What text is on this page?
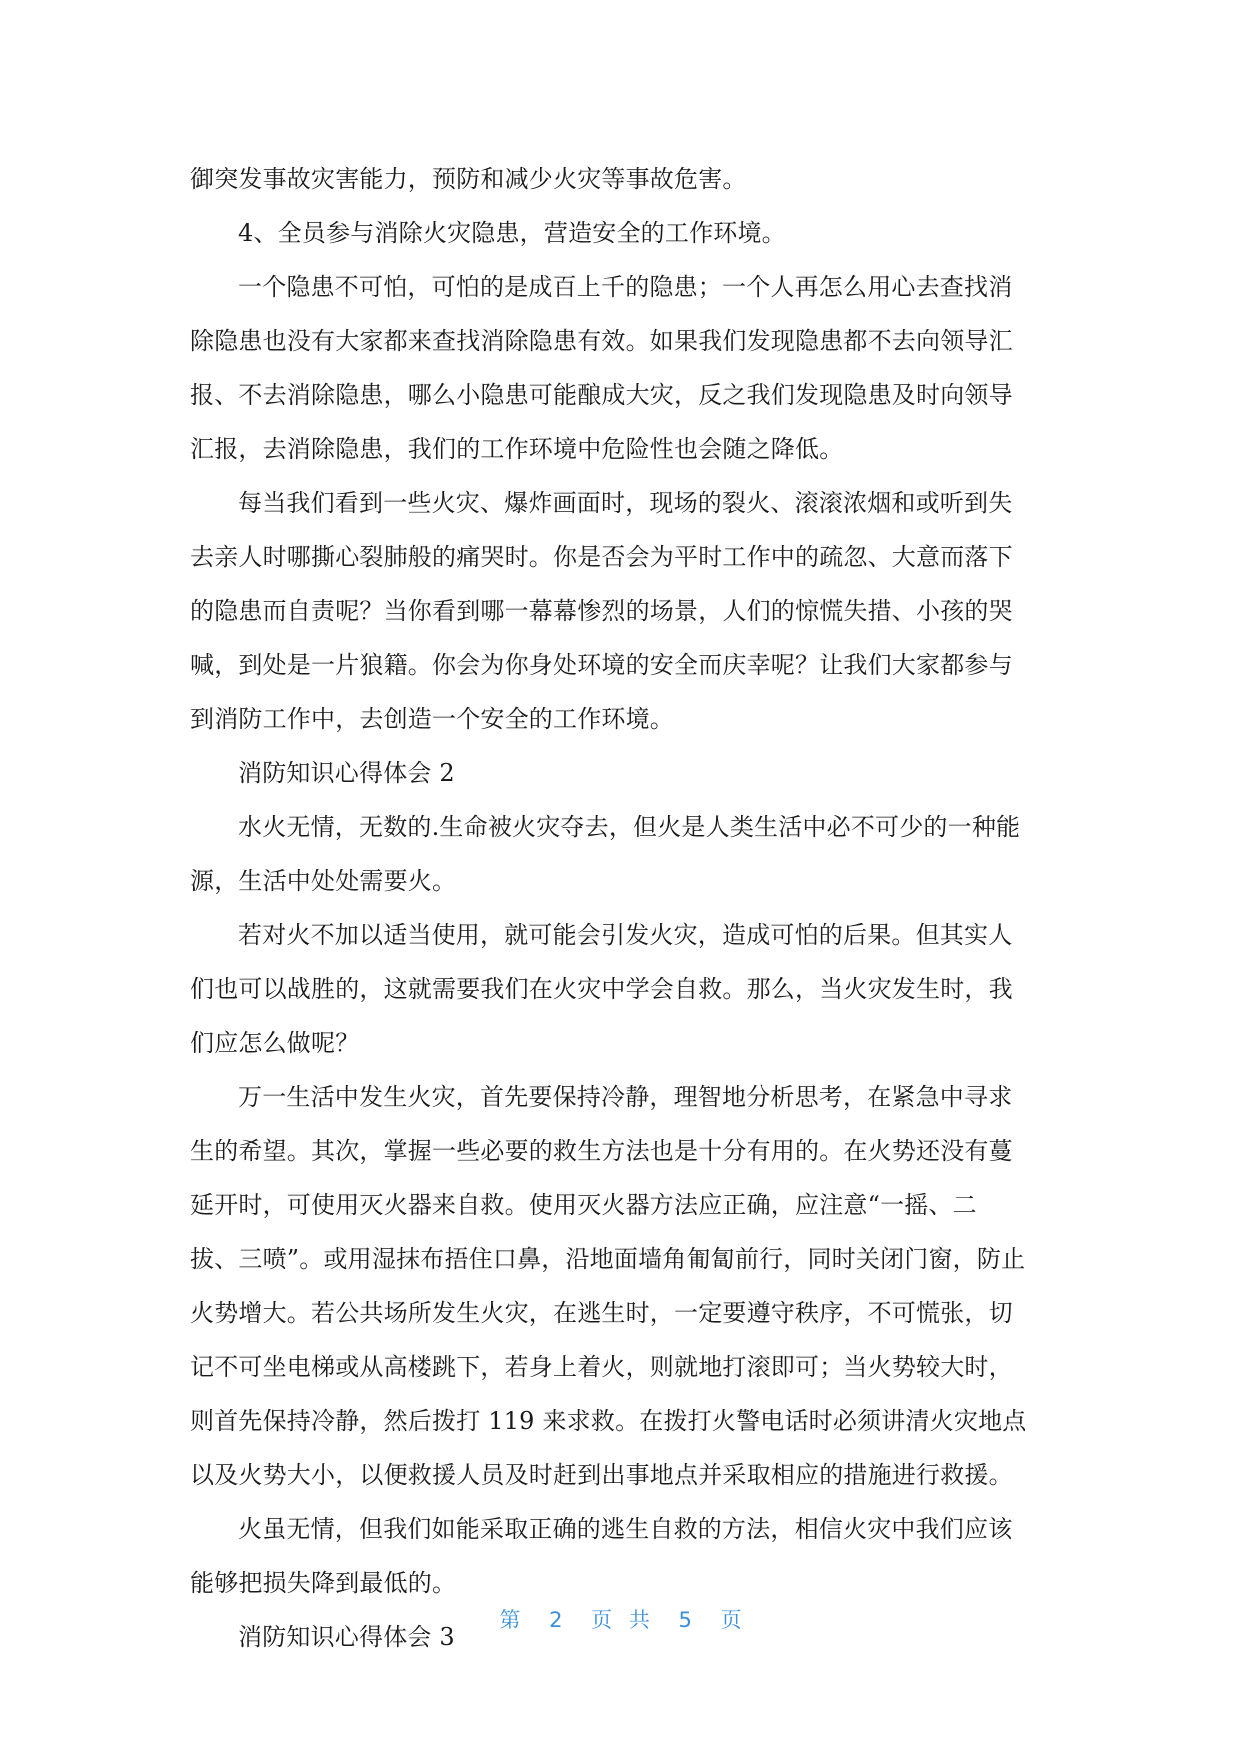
御突发事故灾害能力，预防和减少火灾等事故危害。
4、全员参与消除火灾隐患，营造安全的工作环境。
一个隐患不可怕，可怕的是成百上千的隐患；一个人再怎么用心去查找消
除隐患也没有大家都来查找消除隐患有效。如果我们发现隐患都不去向领导汇
报、不去消除隐患，哪么小隐患可能酿成大灾，反之我们发现隐患及时向领导
汇报，去消除隐患，我们的工作环境中危险性也会随之降低。
每当我们看到一些火灾、爆炸画面时，现场的裂火、滚滚浓烟和或听到失
去亲人时哪撕心裂肺般的痛哭时。你是否会为平时工作中的疏忽、大意而落下
的隐患而自责呢？当你看到哪一幕幕惨烈的场景，人们的惊慌失措、小孩的哭
喊，到处是一片狼籍。你会为你身处环境的安全而庆幸呢？让我们大家都参与
到消防工作中，去创造一个安全的工作环境。
消防知识心得体会 2
水火无情，无数的.生命被火灾夺去，但火是人类生活中必不可少的一种能
源，生活中处处需要火。
若对火不加以适当使用，就可能会引发火灾，造成可怕的后果。但其实人
们也可以战胜的，这就需要我们在火灾中学会自救。那么，当火灾发生时，我
们应怎么做呢？
万一生活中发生火灾，首先要保持冷静，理智地分析思考，在紧急中寻求
生的希望。其次，掌握一些必要的救生方法也是十分有用的。在火势还没有蔓
延开时，可使用灭火器来自救。使用灭火器方法应正确，应注意“一摇、二
拔、三喷”。或用湿抹布捂住口鼻，沿地面墙角匍匐前行，同时关闭门窗，防止
火势增大。若公共场所发生火灾，在逃生时，一定要遵守秩序，不可慌张，切
记不可坐电梯或从高楼跳下，若身上着火，则就地打滚即可；当火势较大时，
则首先保持冷静，然后拨打 119 来求救。在拨打火警电话时必须讲清火灾地点
以及火势大小，以便救援人员及时赶到出事地点并采取相应的措施进行救援。
火虽无情，但我们如能采取正确的逃生自救的方法，相信火灾中我们应该
能够把损失降到最低的。
消防知识心得体会 3
第 2 页 共 5 页
